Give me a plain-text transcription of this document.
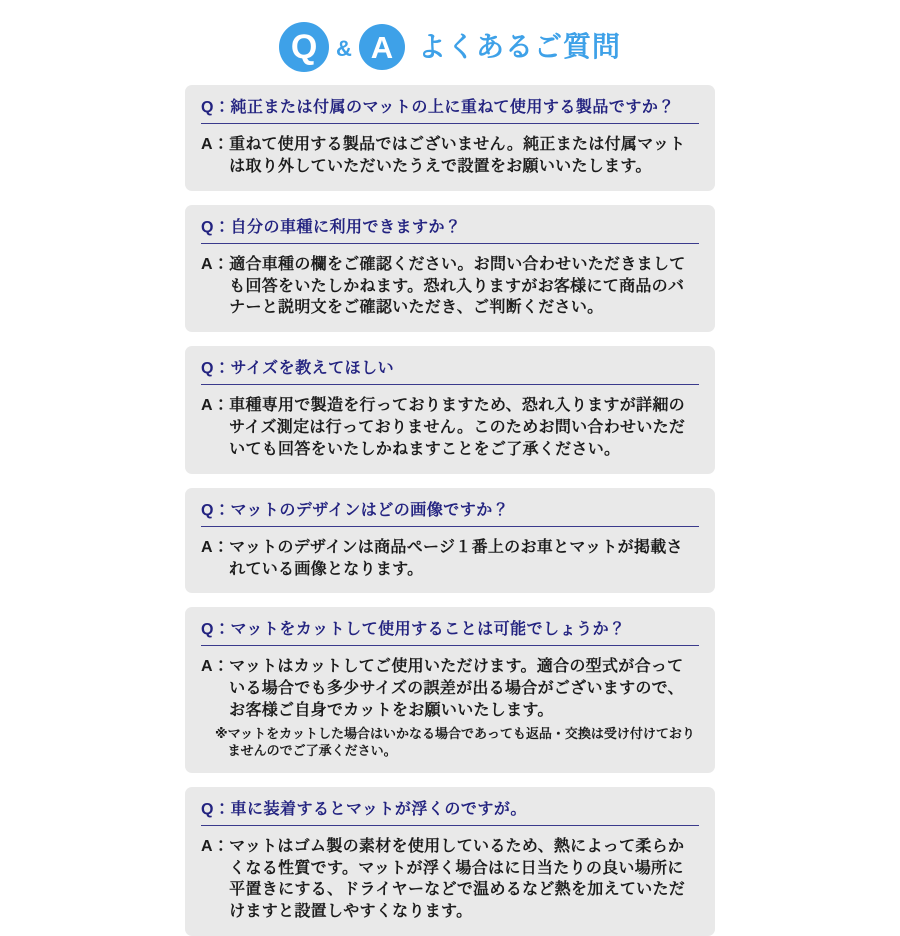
Q & A よくあるご質問
Q： 純正または付属のマットの上に重ねて使用する製品ですか？
A： 重ねて使用する製品ではございません。純正または付属マットは取り外していただいたうえで設置をお願いいたします。
Q： 自分の車種に利用できますか？
A： 適合車種の欄をご確認ください。お問い合わせいただきましても回答をいたしかねます。恐れ入りますがお客様にて商品のバナーと説明文をご確認いただき、ご判断ください。
Q： サイズを教えてほしい
A： 車種専用で製造を行っておりますため、恐れ入りますが詳細のサイズ測定は行っておりません。このためお問い合わせいただいても回答をいたしかねますことをご了承ください。
Q： マットのデザインはどの画像ですか？
A： マットのデザインは商品ページ１番上のお車とマットが掲載されている画像となります。
Q： マットをカットして使用することは可能でしょうか？
A： マットはカットしてご使用いただけます。適合の型式が合っている場合でも多少サイズの誤差が出る場合がございますので、お客様ご自身でカットをお願いいたします。
※ マットをカットした場合はいかなる場合であっても返品・交換は受け付けておりませんのでご了承ください。
Q： 車に装着するとマットが浮くのですが。
A： マットはゴム製の素材を使用しているため、熱によって柔らかくなる性質です。マットが浮く場合はに日当たりの良い場所に平置きにする、ドライヤーなどで温めるなど熱を加えていただけますと設置しやすくなります。
